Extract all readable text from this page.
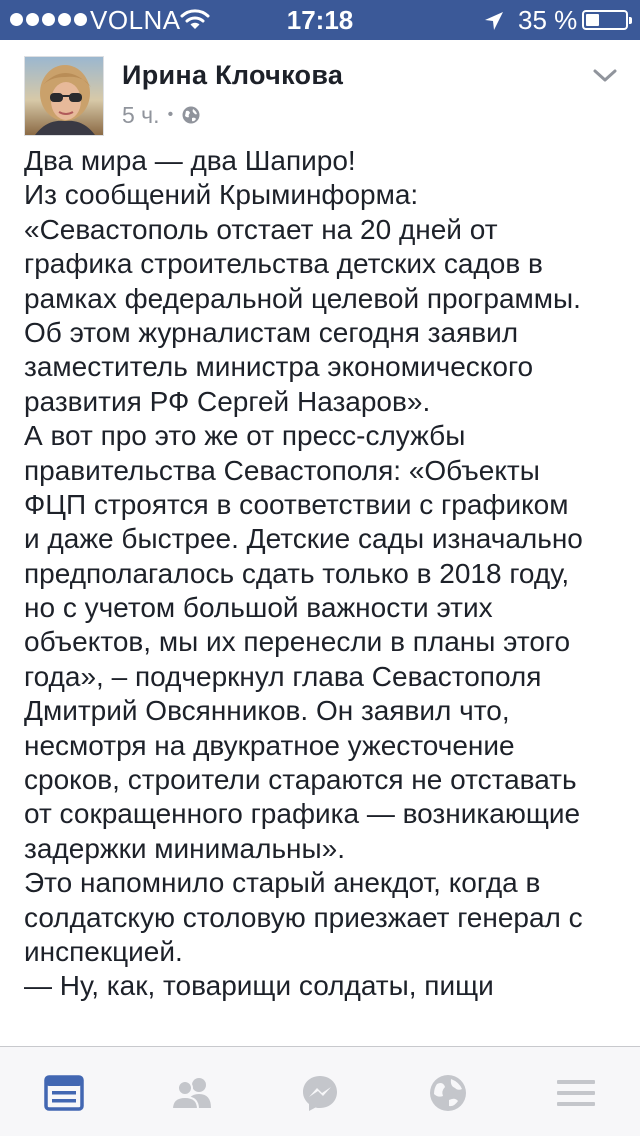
VOLNA	17:18	35 %
Ирина Клочкова
5 ч. •
Два мира — два Шапиро!
Из сообщений Крыминформа:
«Севастополь отстает на 20 дней от
графика строительства детских садов в
рамках федеральной целевой программы.
Об этом журналистам сегодня заявил
заместитель министра экономического
развития РФ Сергей Назаров».
А вот про это же от пресс-службы
правительства Севастополя: «Объекты
ФЦП строятся в соответствии с графиком
и даже быстрее. Детские сады изначально
предполагалось сдать только в 2018 году,
но с учетом большой важности этих
объектов, мы их перенесли в планы этого
года», – подчеркнул глава Севастополя
Дмитрий Овсянников. Он заявил что,
несмотря на двукратное ужесточение
сроков, строители стараются не отставать
от сокращенного графика — возникающие
задержки минимальны».
Это напомнило старый анекдот, когда в
солдатскую столовую приезжает генерал с
инспекцией.
— Ну, как, товарищи солдаты, пищи
